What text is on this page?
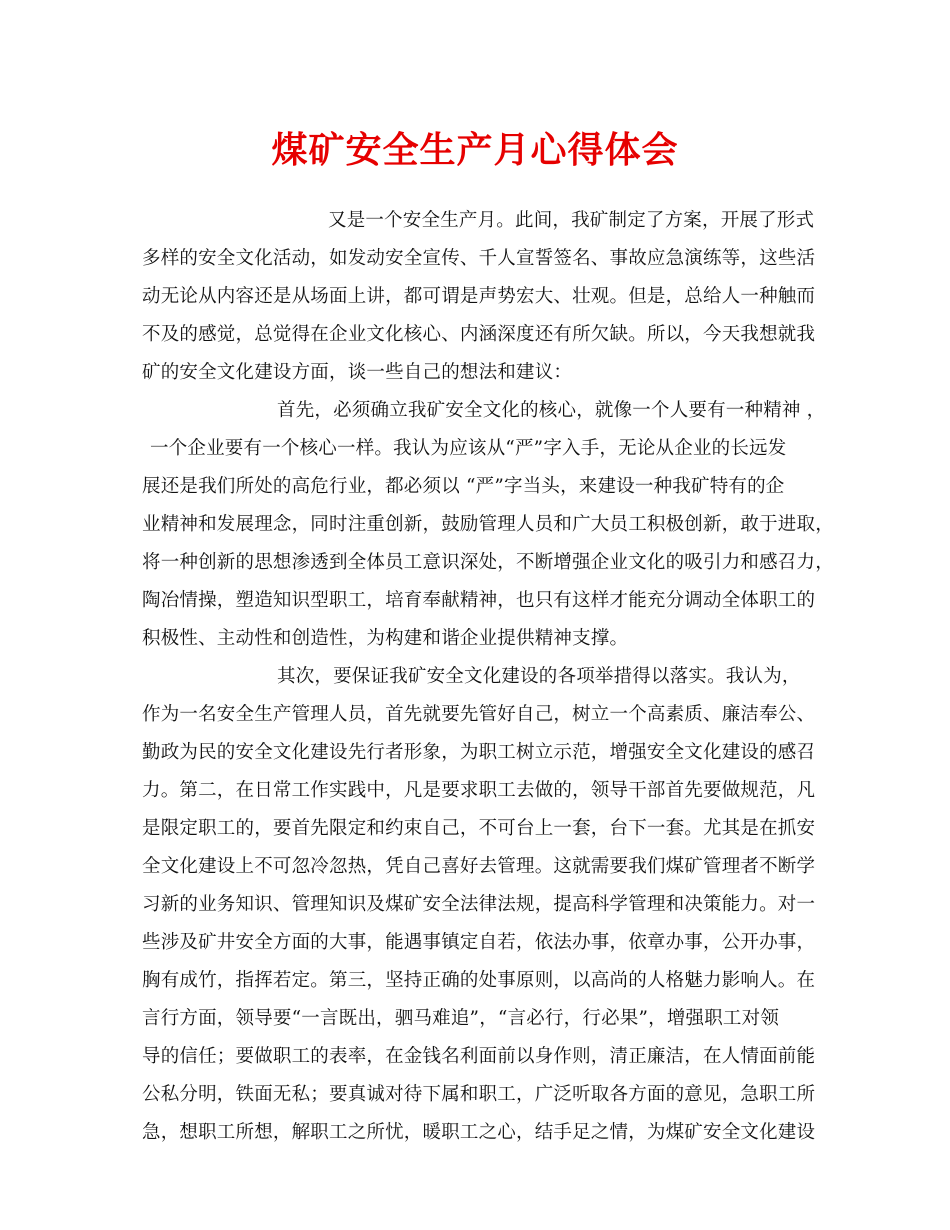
煤矿安全生产月心得体会
又是一个安全生产月。此间，我矿制定了方案，开展了形式
多样的安全文化活动，如发动安全宣传、千人宣誓签名、事故应急演练等，这些活
动无论从内容还是从场面上讲，都可谓是声势宏大、壮观。但是，总给人一种触而
不及的感觉，总觉得在企业文化核心、内涵深度还有所欠缺。所以，今天我想就我
矿的安全文化建设方面，谈一些自己的想法和建议：
首先，必须确立我矿安全文化的核心，就像一个人要有一种精神 ，
一个企业要有一个核心一样。我认为应该从“严”字入手，无论从企业的长远发
展还是我们所处的高危行业，都必须以 “严”字当头，来建设一种我矿特有的企
业精神和发展理念，同时注重创新，鼓励管理人员和广大员工积极创新，敢于进取，
将一种创新的思想渗透到全体员工意识深处，不断增强企业文化的吸引力和感召力，
陶冶情操，塑造知识型职工，培育奉献精神，也只有这样才能充分调动全体职工的
积极性、主动性和创造性，为构建和谐企业提供精神支撑。
其次，要保证我矿安全文化建设的各项举措得以落实。我认为，
作为一名安全生产管理人员，首先就要先管好自己，树立一个高素质、廉洁奉公、
勤政为民的安全文化建设先行者形象，为职工树立示范，增强安全文化建设的感召
力。第二，在日常工作实践中，凡是要求职工去做的，领导干部首先要做规范，凡
是限定职工的，要首先限定和约束自己，不可台上一套，台下一套。尤其是在抓安
全文化建设上不可忽冷忽热，凭自己喜好去管理。这就需要我们煤矿管理者不断学
习新的业务知识、管理知识及煤矿安全法律法规，提高科学管理和决策能力。对一
些涉及矿井安全方面的大事，能遇事镇定自若，依法办事，依章办事，公开办事，
胸有成竹，指挥若定。第三，坚持正确的处事原则，以高尚的人格魅力影响人。在
言行方面，领导要“一言既出，驷马难追”，“言必行，行必果”，增强职工对领
导的信任；要做职工的表率，在金钱名利面前以身作则，清正廉洁，在人情面前能
公私分明，铁面无私；要真诚对待下属和职工，广泛听取各方面的意见，急职工所
急，想职工所想，解职工之所忧，暖职工之心，结手足之情，为煤矿安全文化建设
